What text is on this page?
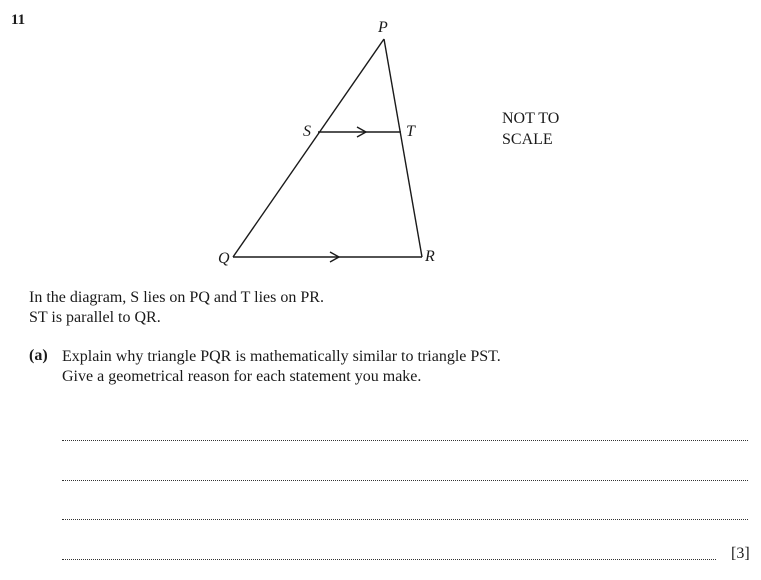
11	P
S	T
Q	R
NOT TO
SCALE
In the diagram, S lies on PQ and T lies on PR.
ST is parallel to QR.
(a) Explain why triangle PQR is mathematically similar to triangle PST.
Give a geometrical reason for each statement you make.
[3]
